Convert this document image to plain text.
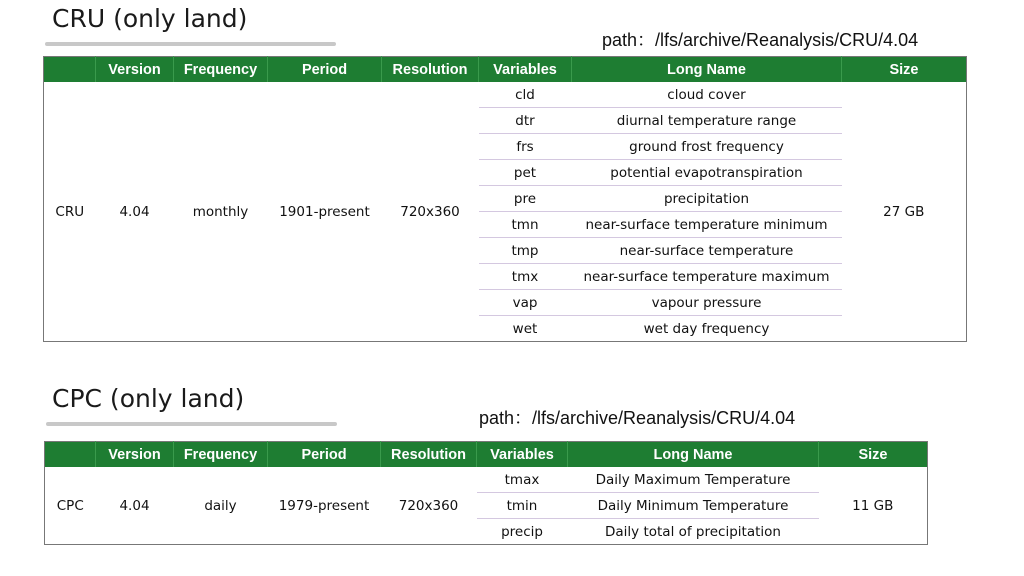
CRU (only land)
path：/lfs/archive/Reanalysis/CRU/4.04
	Version	Frequency	Period	Resolution	Variables	Long Name	Size
CRU	4.04	monthly	1901-present	720x360	cld	cloud cover	27 GB
					dtr	diurnal temperature range	
					frs	ground frost frequency	
					pet	potential evapotranspiration	
					pre	precipitation	
					tmn	near-surface temperature minimum	
					tmp	near-surface temperature	
					tmx	near-surface temperature maximum	
					vap	vapour pressure	
					wet	wet day frequency	
CPC (only land)
path：/lfs/archive/Reanalysis/CRU/4.04
	Version	Frequency	Period	Resolution	Variables	Long Name	Size
CPC	4.04	daily	1979-present	720x360	tmax	Daily Maximum Temperature	11 GB
					tmin	Daily Minimum Temperature	
					precip	Daily total of precipitation	
